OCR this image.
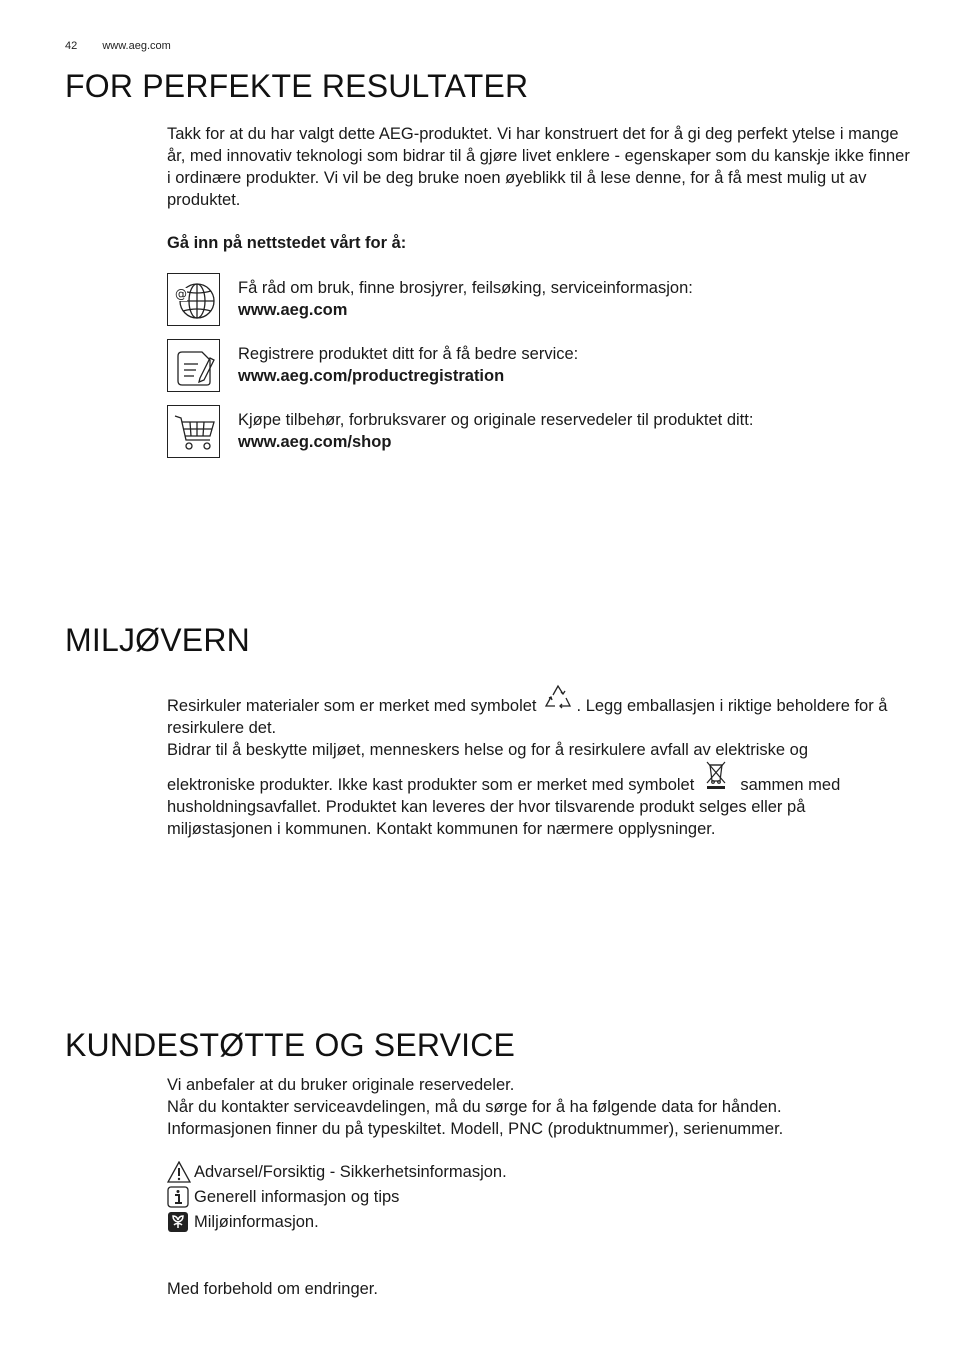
42 www.aeg.com
FOR PERFEKTE RESULTATER
Takk for at du har valgt dette AEG-produktet. Vi har konstruert det for å gi deg perfekt ytelse i mange år, med innovativ teknologi som bidrar til å gjøre livet enklere - egenskaper som du kanskje ikke finner i ordinære produkter. Vi vil be deg bruke noen øyeblikk til å lese denne, for å få mest mulig ut av produktet.
Gå inn på nettstedet vårt for å:
@	Få råd om bruk, finne brosjyrer, feilsøking, serviceinformasjon:
www.aeg.com
Registrere produktet ditt for å få bedre service:
www.aeg.com/productregistration
Kjøpe tilbehør, forbruksvarer og originale reservedeler til produktet ditt:
www.aeg.com/shop
MILJØVERN
Resirkuler materialer som er merket med symbolet . Legg emballasjen i riktige beholdere for å resirkulere det.
Bidrar til å beskytte miljøet, menneskers helse og for å resirkulere avfall av elektriske og
elektroniske produkter. Ikke kast produkter som er merket med symbolet	sammen med husholdningsavfallet. Produktet kan leveres der hvor tilsvarende produkt selges eller på miljøstasjonen i kommunen. Kontakt kommunen for nærmere opplysninger.
KUNDESTØTTE OG SERVICE
Vi anbefaler at du bruker originale reservedeler.
Når du kontakter serviceavdelingen, må du sørge for å ha følgende data for hånden.
Informasjonen finner du på typeskiltet. Modell, PNC (produktnummer), serienummer.
Advarsel/Forsiktig - Sikkerhetsinformasjon.
Generell informasjon og tips
Miljøinformasjon.
Med forbehold om endringer.
